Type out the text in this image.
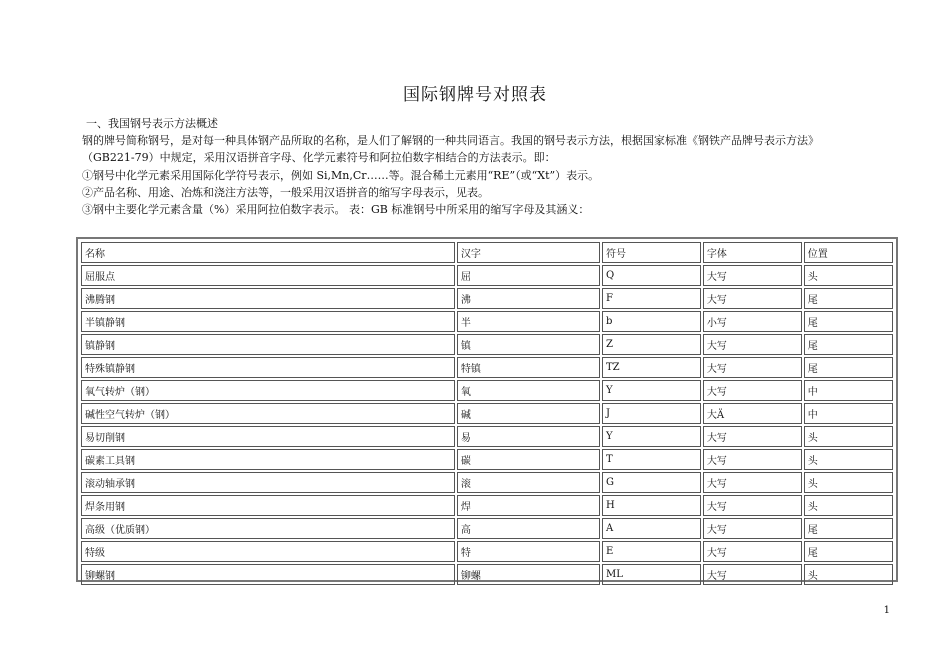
国际钢牌号对照表
一、我国钢号表示方法概述
钢的牌号简称钢号，是对每一种具体钢产品所取的名称，是人们了解钢的一种共同语言。我国的钢号表示方法，根据国家标准《钢铁产品牌号表示方法》
（GB221-79）中规定，采用汉语拼音字母、化学元素符号和阿拉伯数字相结合的方法表示。即：
①钢号中化学元素采用国际化学符号表示，例如 Si,Mn,Cr……等。混合稀土元素用“RE”（或“Xt”）表示。
②产品名称、用途、冶炼和浇注方法等，一般采用汉语拼音的缩写字母表示，见表。
③钢中主要化学元素含量（%）采用阿拉伯数字表示。 表：GB 标准钢号中所采用的缩写字母及其涵义：
名称	汉字	符号	字体	位置
屈服点	屈	Q	大写	头
沸腾钢	沸	F	大写	尾
半镇静钢	半	b	小写	尾
镇静钢	镇	Z	大写	尾
特殊镇静钢	特镇	TZ	大写	尾
氧气转炉（钢）	氧	Y	大写	中
碱性空气转炉（钢）	碱	J	大Ä	中
易切削钢	易	Y	大写	头
碳素工具钢	碳	T	大写	头
滚动轴承钢	滚	G	大写	头
焊条用钢	焊	H	大写	头
高级（优质钢）	高	A	大写	尾
特级	特	E	大写	尾
铆螺钢	铆螺	ML	大写	头
1
